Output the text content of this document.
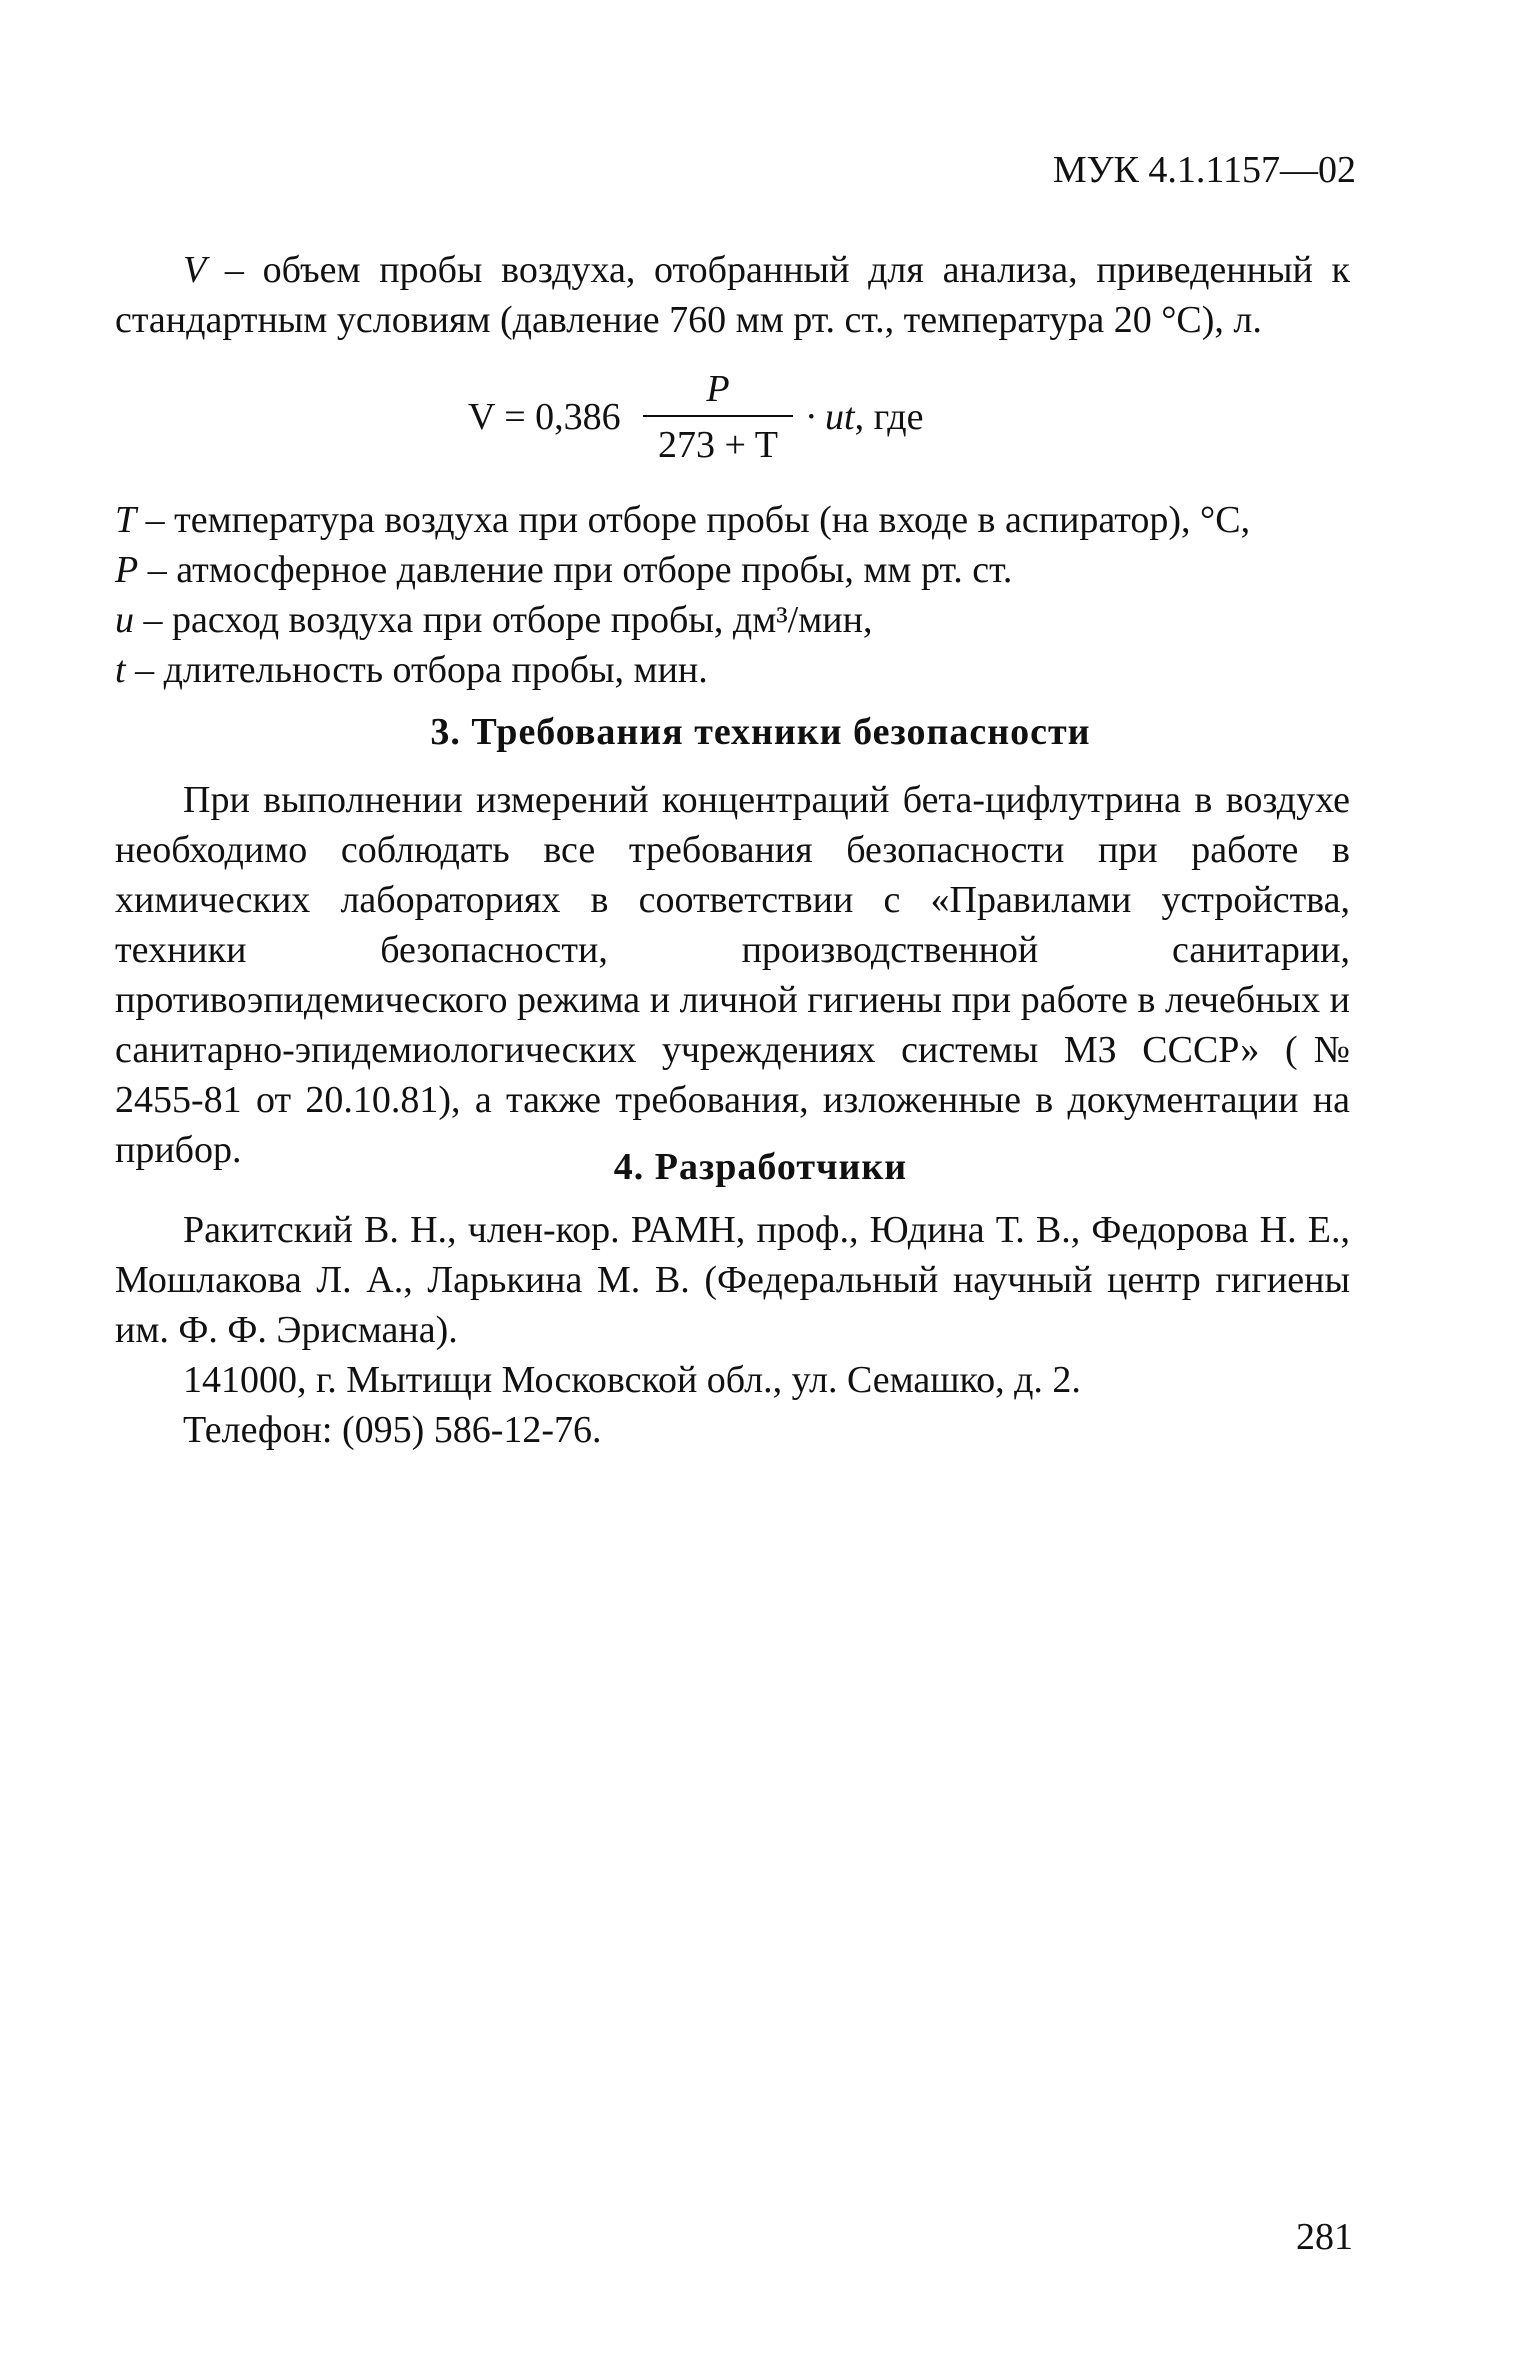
МУК 4.1.1157—02
V – объем пробы воздуха, отобранный для анализа, приведенный к стандартным условиям (давление 760 мм рт. ст., температура 20 °С), л.
V = 0,386
P
273 + T
· ut, где
T – температура воздуха при отборе пробы (на входе в аспиратор), °С,
P – атмосферное давление при отборе пробы, мм рт. ст.
u – расход воздуха при отборе пробы, дм³/мин,
t – длительность отбора пробы, мин.
3. Требования техники безопасности
При выполнении измерений концентраций бета-цифлутрина в воздухе необходимо соблюдать все требования безопасности при работе в химических лабораториях в соответствии с «Правилами устройства, техники безопасности, производственной санитарии, противоэпидемического режима и личной гигиены при работе в лечебных и санитарно-эпидемиологических учреждениях системы МЗ СССР» (№ 2455-81 от 20.10.81), а также требования, изложенные в документации на прибор.	4. Разработчики
Ракитский В. Н., член-кор. РАМН, проф., Юдина Т. В., Федорова Н. Е., Мошлакова Л. А., Ларькина М. В. (Федеральный научный центр гигиены им. Ф. Ф. Эрисмана).
141000, г. Мытищи Московской обл., ул. Семашко, д. 2.
Телефон: (095) 586-12-76.
281
